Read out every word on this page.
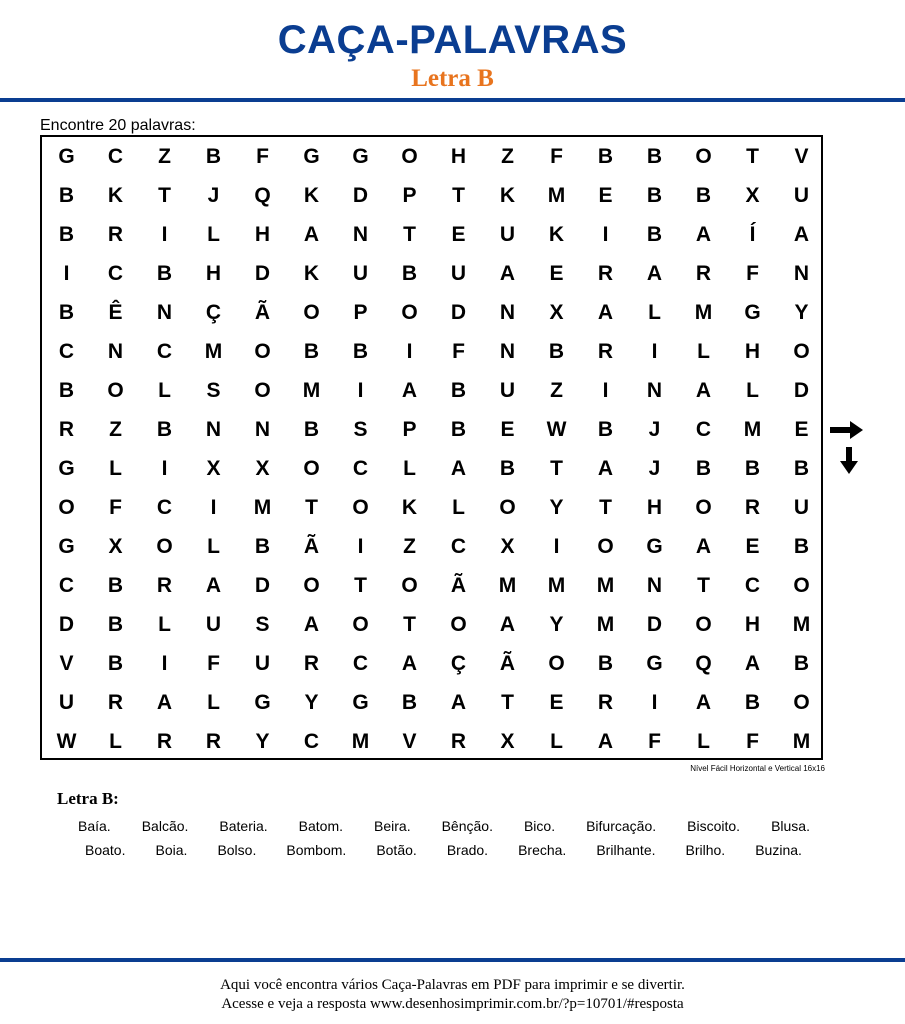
CAÇA-PALAVRAS
Letra B
Encontre 20 palavras:
G	C	Z	B	F	G	G	O	H	Z	F	B	B	O	T	V
B	K	T	J	Q	K	D	P	T	K	M	E	B	B	X	U
B	R	I	L	H	A	N	T	E	U	K	I	B	A	Í	A
I	C	B	H	D	K	U	B	U	A	E	R	A	R	F	N
B	Ê	N	Ç	Ã	O	P	O	D	N	X	A	L	M	G	Y
C	N	C	M	O	B	B	I	F	N	B	R	I	L	H	O
B	O	L	S	O	M	I	A	B	U	Z	I	N	A	L	D
R	Z	B	N	N	B	S	P	B	E	W	B	J	C	M	E
G	L	I	X	X	O	C	L	A	B	T	A	J	B	B	B
O	F	C	I	M	T	O	K	L	O	Y	T	H	O	R	U
G	X	O	L	B	Ã	I	Z	C	X	I	O	G	A	E	B
C	B	R	A	D	O	T	O	Ã	M	M	M	N	T	C	O
D	B	L	U	S	A	O	T	O	A	Y	M	D	O	H	M
V	B	I	F	U	R	C	A	Ç	Ã	O	B	G	Q	A	B
U	R	A	L	G	Y	G	B	A	T	E	R	I	A	B	O
W	L	R	R	Y	C	M	V	R	X	L	A	F	L	F	M
Nível Fácil Horizontal e Vertical 16x16
Letra B:
Baía. Balcão. Bateria. Batom. Beira. Bênção. Bico. Bifurcação. Biscoito. Blusa.
Boato. Boia. Bolso. Bombom. Botão. Brado. Brecha. Brilhante. Brilho. Buzina.
Aqui você encontra vários Caça-Palavras em PDF para imprimir e se divertir.
Acesse e veja a resposta www.desenhosimprimir.com.br/?p=10701/#resposta
